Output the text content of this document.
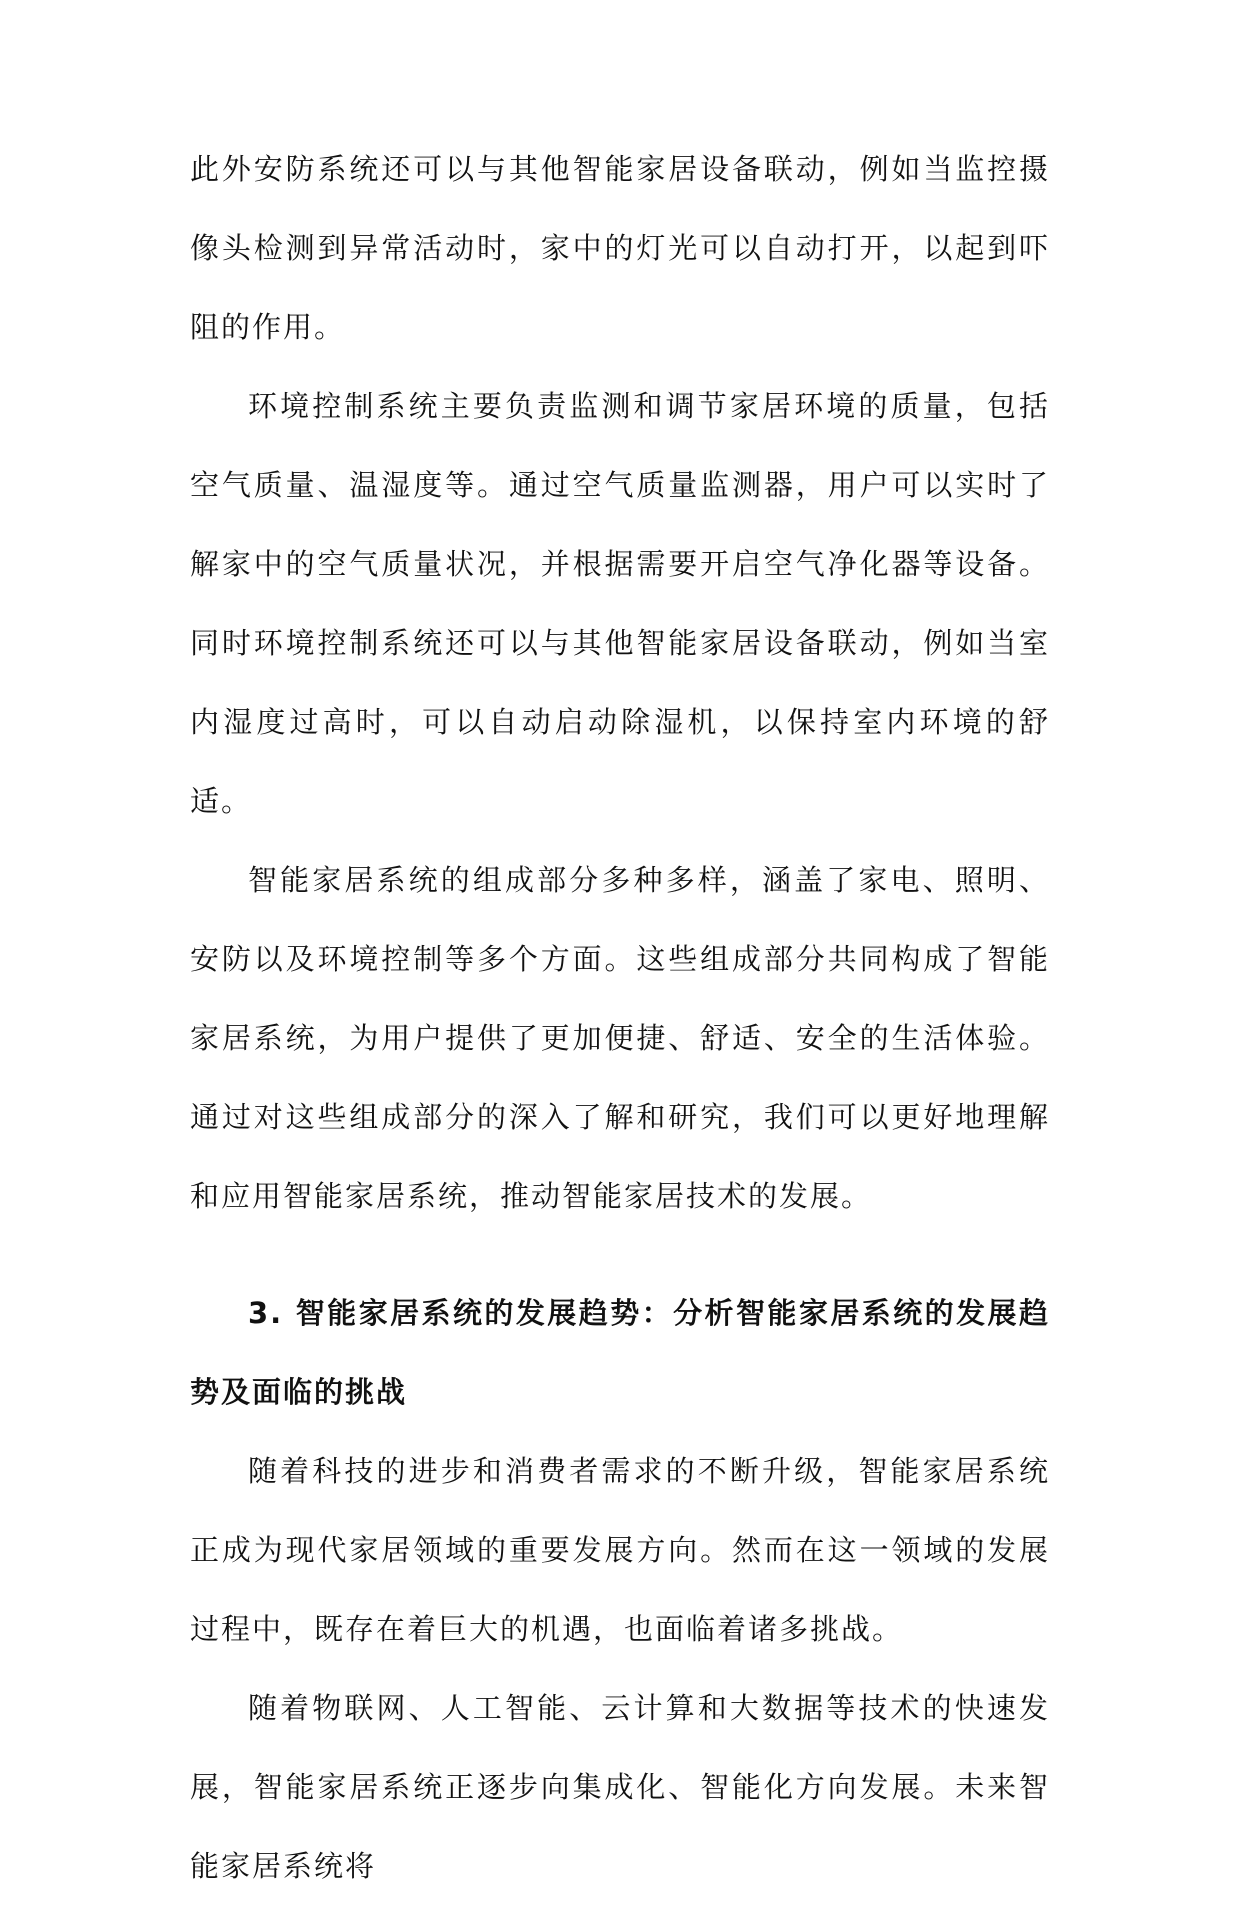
此外安防系统还可以与其他智能家居设备联动，例如当监控摄像头检测到异常活动时，家中的灯光可以自动打开，以起到吓阻的作用。

环境控制系统主要负责监测和调节家居环境的质量，包括空气质量、温湿度等。通过空气质量监测器，用户可以实时了解家中的空气质量状况，并根据需要开启空气净化器等设备。同时环境控制系统还可以与其他智能家居设备联动，例如当室内湿度过高时，可以自动启动除湿机，以保持室内环境的舒适。

智能家居系统的组成部分多种多样，涵盖了家电、照明、安防以及环境控制等多个方面。这些组成部分共同构成了智能家居系统，为用户提供了更加便捷、舒适、安全的生活体验。通过对这些组成部分的深入了解和研究，我们可以更好地理解和应用智能家居系统，推动智能家居技术的发展。

3. 智能家居系统的发展趋势：分析智能家居系统的发展趋势及面临的挑战

随着科技的进步和消费者需求的不断升级，智能家居系统正成为现代家居领域的重要发展方向。然而在这一领域的发展过程中，既存在着巨大的机遇，也面临着诸多挑战。

随着物联网、人工智能、云计算和大数据等技术的快速发展，智能家居系统正逐步向集成化、智能化方向发展。未来智能家居系统将
